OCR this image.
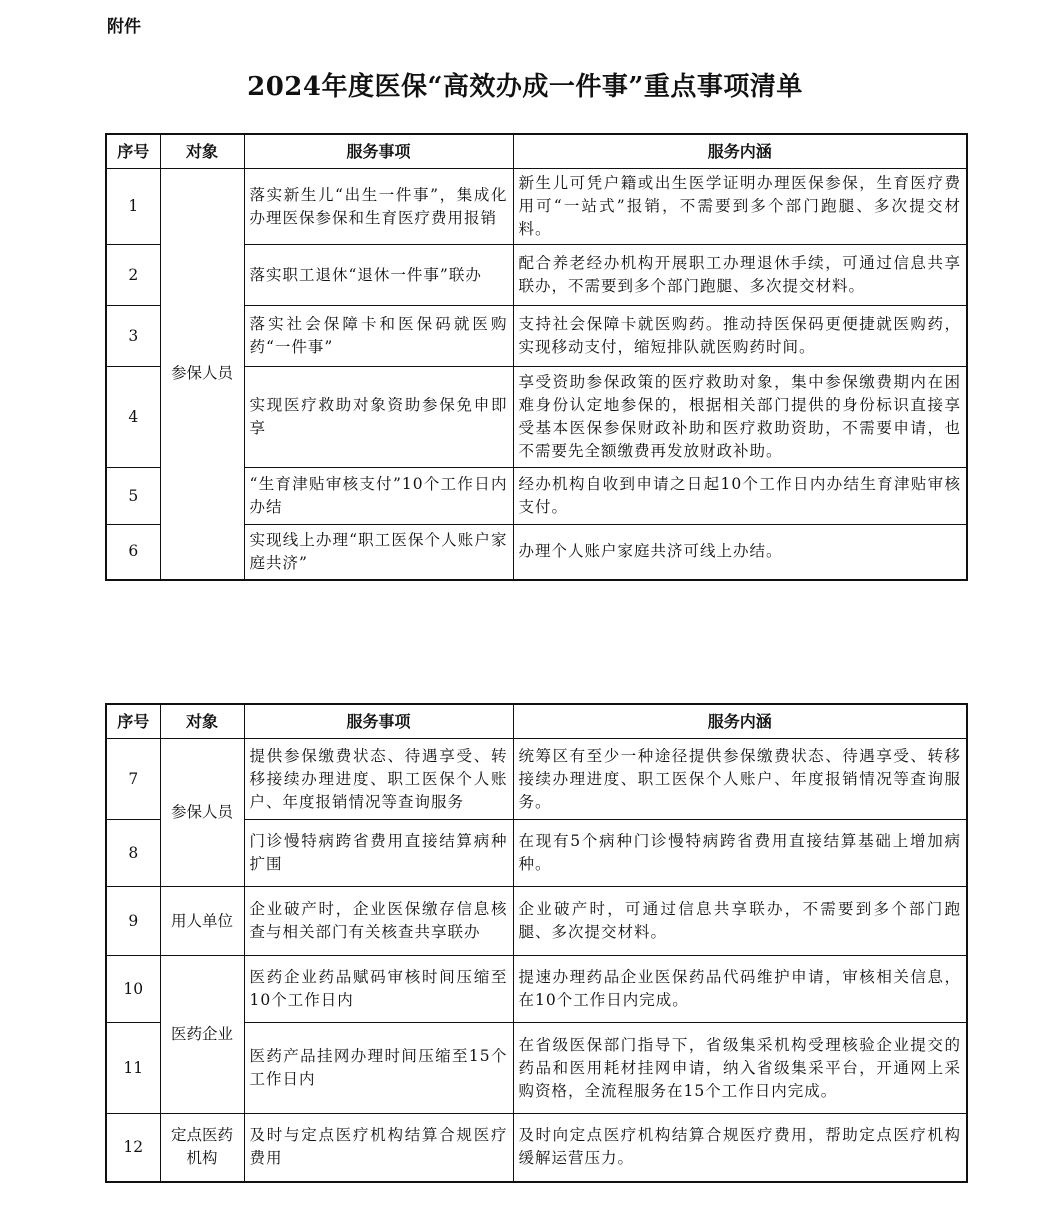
附件
2024年度医保“高效办成一件事”重点事项清单
序号	对象	服务事项	服务内涵
1	参保人员	落实新生儿“出生一件事”，集成化办理医保参保和生育医疗费用报销	新生儿可凭户籍或出生医学证明办理医保参保，生育医疗费用可“一站式”报销，不需要到多个部门跑腿、多次提交材料。
2		落实职工退休“退休一件事”联办	配合养老经办机构开展职工办理退休手续，可通过信息共享联办，不需要到多个部门跑腿、多次提交材料。
3		落实社会保障卡和医保码就医购药“一件事”	支持社会保障卡就医购药。推动持医保码更便捷就医购药，实现移动支付，缩短排队就医购药时间。
4		实现医疗救助对象资助参保免申即享	享受资助参保政策的医疗救助对象，集中参保缴费期内在困难身份认定地参保的，根据相关部门提供的身份标识直接享受基本医保参保财政补助和医疗救助资助，不需要申请，也不需要先全额缴费再发放财政补助。
5		“生育津贴审核支付”10个工作日内办结	经办机构自收到申请之日起10个工作日内办结生育津贴审核支付。
6		实现线上办理“职工医保个人账户家庭共济”	办理个人账户家庭共济可线上办结。
序号	对象	服务事项	服务内涵
7	参保人员	提供参保缴费状态、待遇享受、转移接续办理进度、职工医保个人账户、年度报销情况等查询服务	统筹区有至少一种途径提供参保缴费状态、待遇享受、转移接续办理进度、职工医保个人账户、年度报销情况等查询服务。
8		门诊慢特病跨省费用直接结算病种扩围	在现有5个病种门诊慢特病跨省费用直接结算基础上增加病种。
9	用人单位	企业破产时，企业医保缴存信息核查与相关部门有关核查共享联办	企业破产时，可通过信息共享联办，不需要到多个部门跑腿、多次提交材料。
10	医药企业	医药企业药品赋码审核时间压缩至10个工作日内	提速办理药品企业医保药品代码维护申请，审核相关信息，在10个工作日内完成。
11		医药产品挂网办理时间压缩至15个工作日内	在省级医保部门指导下，省级集采机构受理核验企业提交的药品和医用耗材挂网申请，纳入省级集采平台，开通网上采购资格，全流程服务在15个工作日内完成。
12	定点医药机构	及时与定点医疗机构结算合规医疗费用	及时向定点医疗机构结算合规医疗费用，帮助定点医疗机构缓解运营压力。
